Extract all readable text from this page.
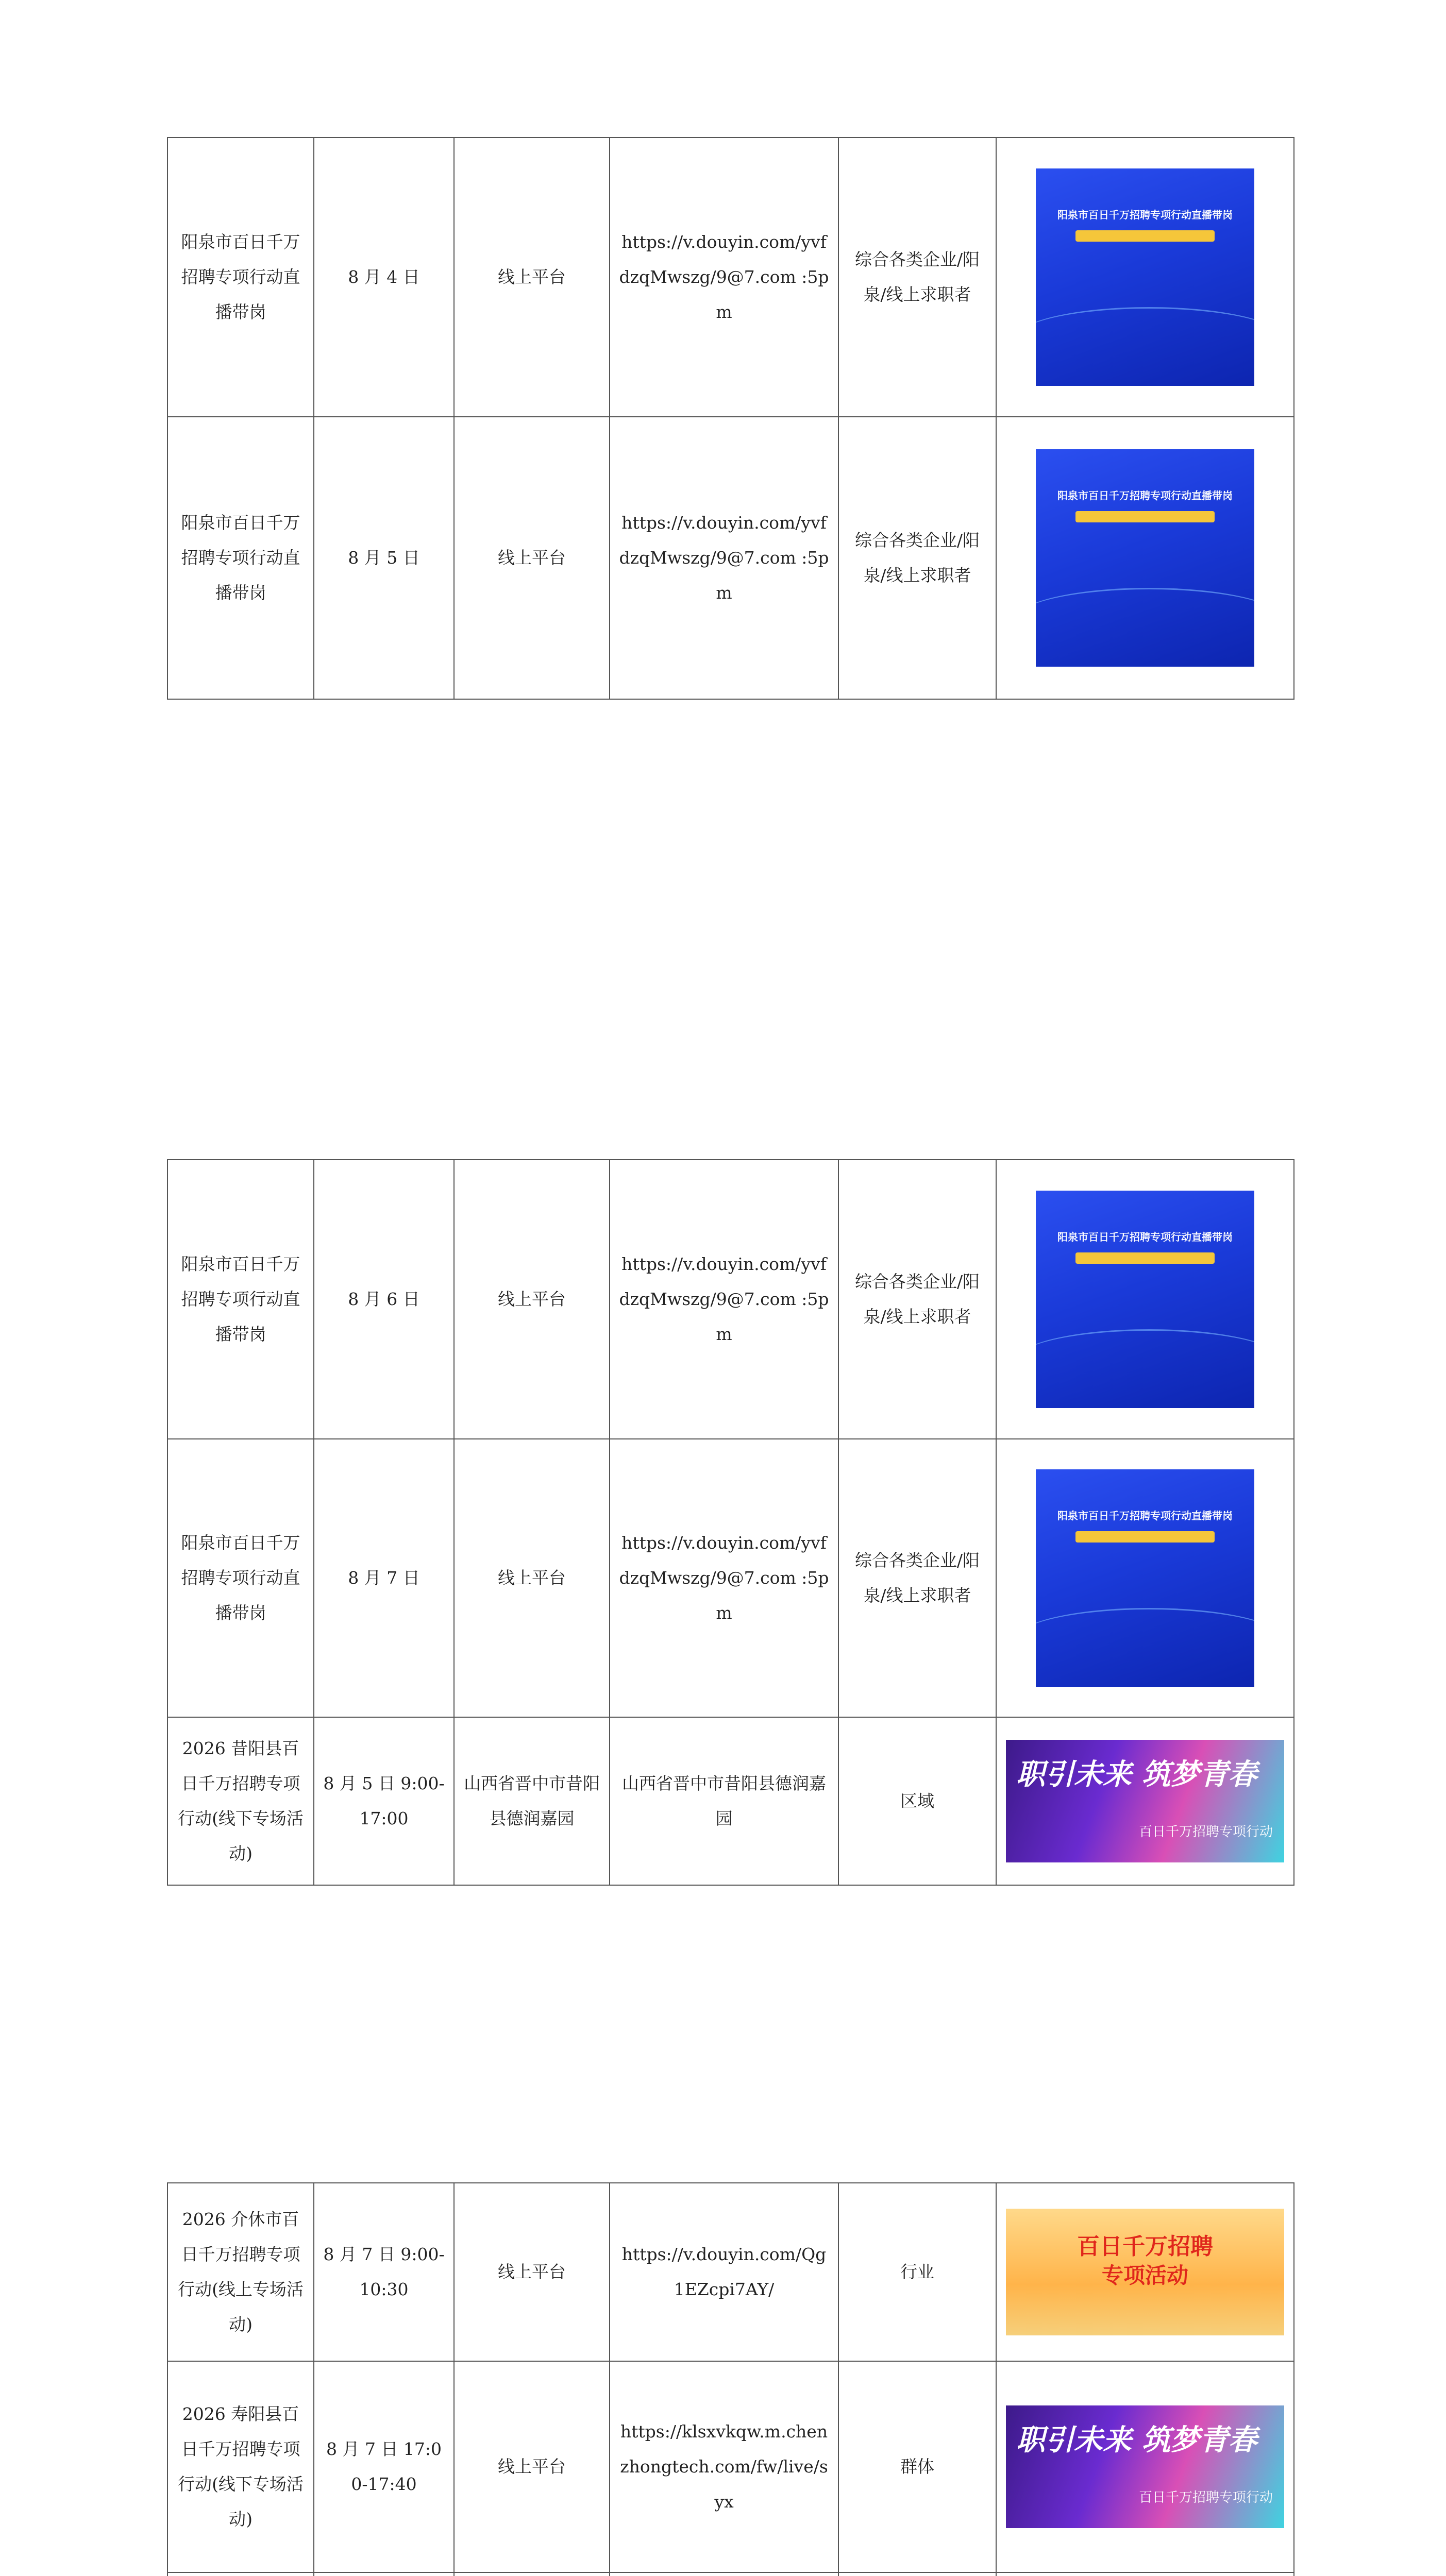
阳泉市百日千万招聘专项行动直播带岗	8 月 4 日	线上平台	https://v.douyin.com/yvfdzqMwszg/9@7.com :5pm	综合各类企业/阳泉/线上求职者	阳泉市百日千万招聘专项行动直播带岗

阳泉市百日千万招聘专项行动直播带岗	8 月 5 日	线上平台	https://v.douyin.com/yvfdzqMwszg/9@7.com :5pm	综合各类企业/阳泉/线上求职者	阳泉市百日千万招聘专项行动直播带岗
阳泉市百日千万招聘专项行动直播带岗	8 月 6 日	线上平台	https://v.douyin.com/yvfdzqMwszg/9@7.com :5pm	综合各类企业/阳泉/线上求职者	阳泉市百日千万招聘专项行动直播带岗

阳泉市百日千万招聘专项行动直播带岗	8 月 7 日	线上平台	https://v.douyin.com/yvfdzqMwszg/9@7.com :5pm	综合各类企业/阳泉/线上求职者	阳泉市百日千万招聘专项行动直播带岗

2026 昔阳县百日千万招聘专项行动(线下专场活动)	8 月 5 日 9:00-17:00	山西省晋中市昔阳县德润嘉园	山西省晋中市昔阳县德润嘉园	区域	职引未来 筑梦青春
百日千万招聘专项行动
2026 介休市百日千万招聘专项行动(线上专场活动)	8 月 7 日 9:00-10:30	线上平台	https://v.douyin.com/Qg1EZcpi7AY/	行业	百日千万招聘
专项活动

2026 寿阳县百日千万招聘专项行动(线下专场活动)	8 月 7 日 17:00-17:40	线上平台	https://klsxvkqw.m.chenzhongtech.com/fw/live/syx	群体	职引未来 筑梦青春
百日千万招聘专项行动
